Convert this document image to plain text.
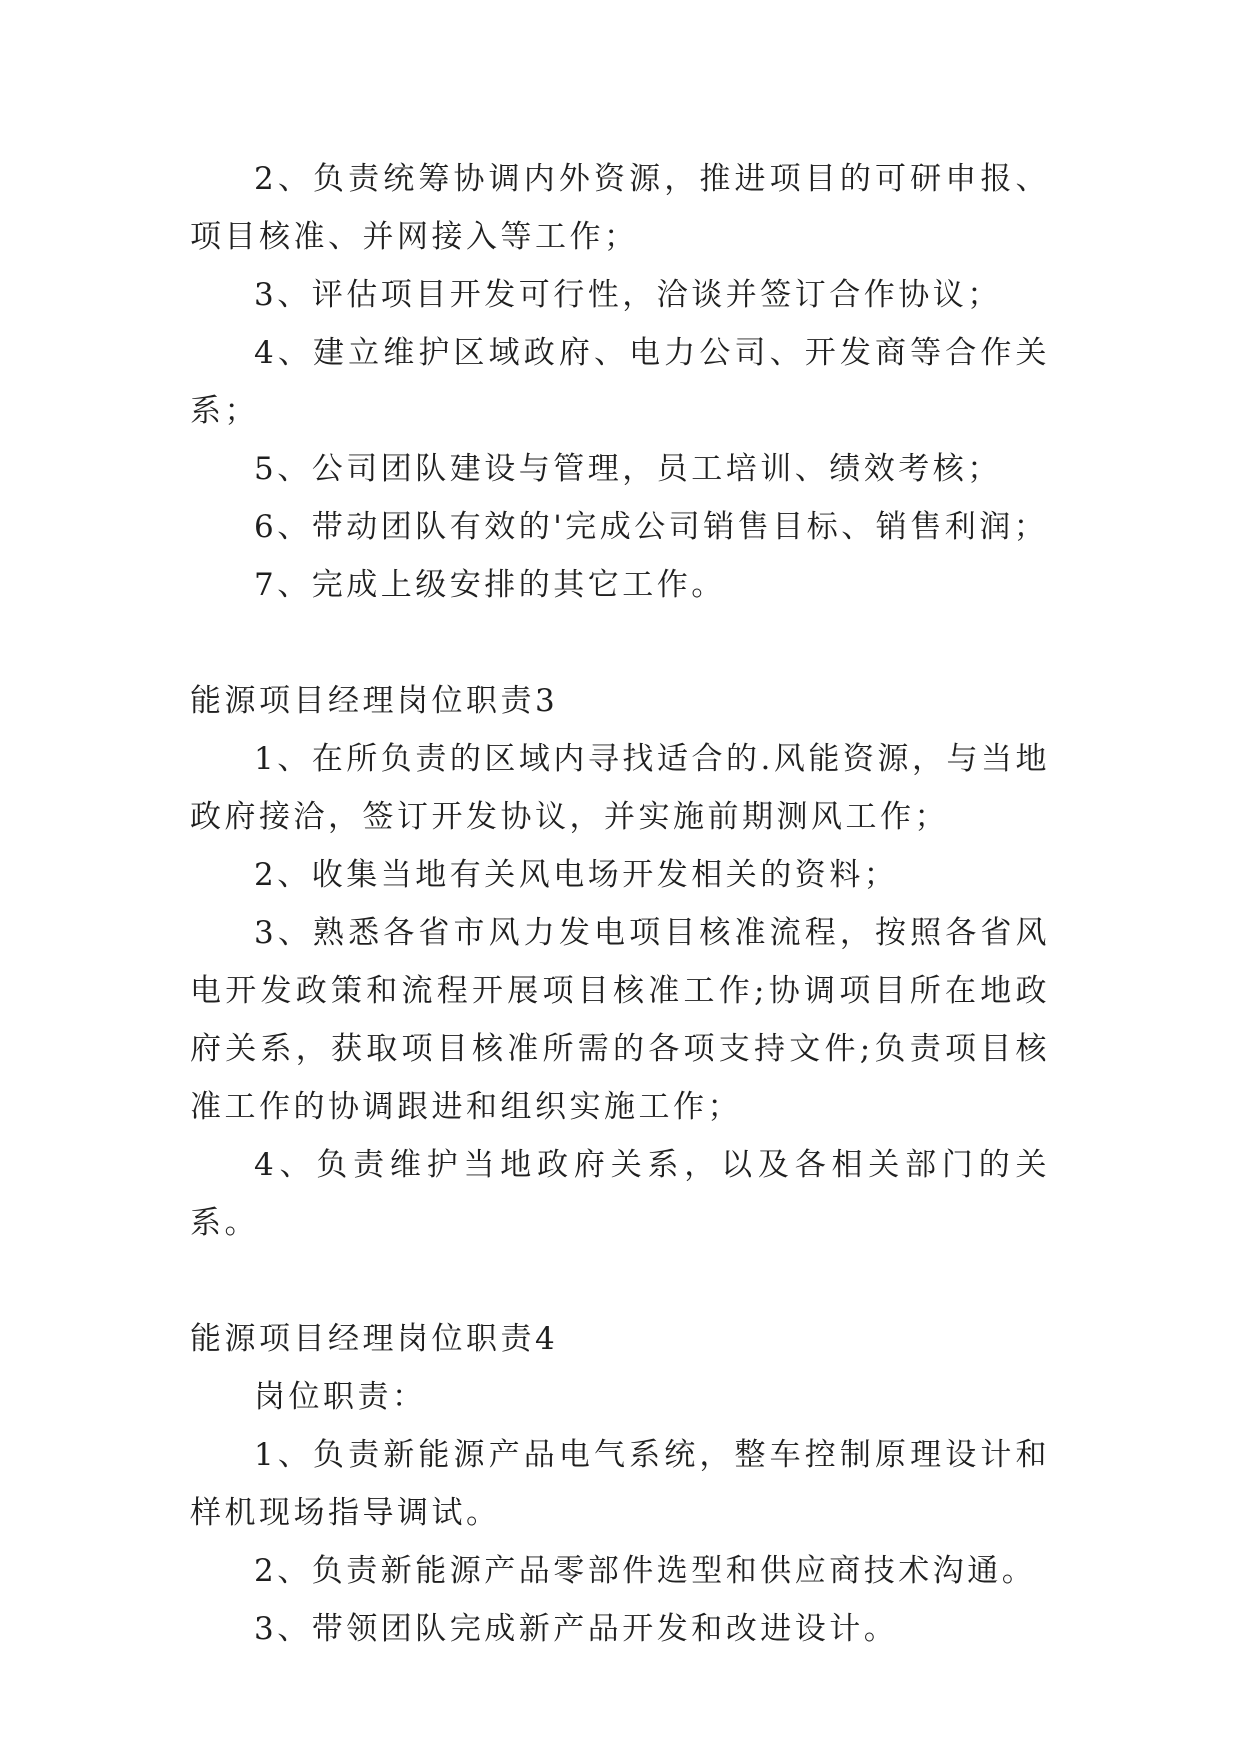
2、负责统筹协调内外资源，推进项目的可研申报、项目核准、并网接入等工作；

3、评估项目开发可行性，洽谈并签订合作协议；

4、建立维护区域政府、电力公司、开发商等合作关系；

5、公司团队建设与管理，员工培训、绩效考核；

6、带动团队有效的'完成公司销售目标、销售利润；

7、完成上级安排的其它工作。

能源项目经理岗位职责3

1、在所负责的区域内寻找适合的.风能资源，与当地政府接洽，签订开发协议，并实施前期测风工作；

2、收集当地有关风电场开发相关的资料；

3、熟悉各省市风力发电项目核准流程，按照各省风电开发政策和流程开展项目核准工作;协调项目所在地政府关系，获取项目核准所需的各项支持文件;负责项目核准工作的协调跟进和组织实施工作；

4、负责维护当地政府关系，以及各相关部门的关系。

能源项目经理岗位职责4

岗位职责：

1、负责新能源产品电气系统，整车控制原理设计和样机现场指导调试。

2、负责新能源产品零部件选型和供应商技术沟通。

3、带领团队完成新产品开发和改进设计。
